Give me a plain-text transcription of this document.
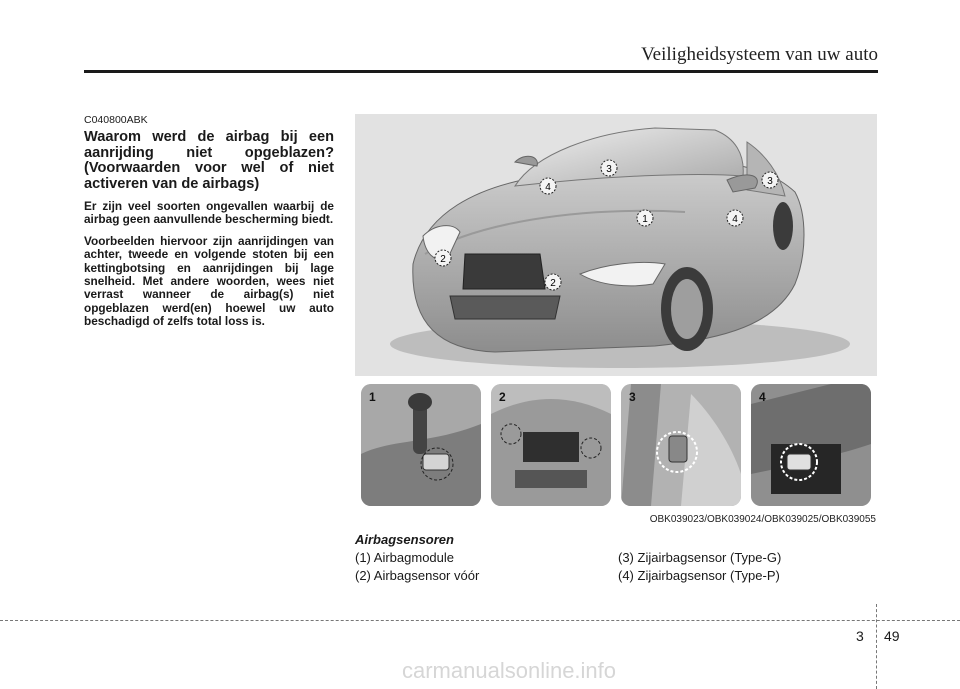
Veiligheidsysteem van uw auto

C040800ABK

Waarom werd de airbag bij een aanrijding niet opgeblazen? (Voorwaarden voor wel of niet activeren van de airbags)

Er zijn veel soorten ongevallen waarbij de airbag geen aanvullende bescherming biedt.

Voorbeelden hiervoor zijn aanrijdingen van achter, tweede en volgende stoten bij een kettingbotsing en aanrijdingen bij lage snelheid. Met andere woorden, wees niet verrast wanneer de airbag(s) niet opgeblazen werd(en) hoewel uw auto beschadigd of zelfs total loss is.

3
4
3
1	4
2
2
1	2	3	4
OBK039023/OBK039024/OBK039025/OBK039055
Airbagsensoren
(1) Airbagmodule
(2) Airbagsensor vóór
(3) Zijairbagsensor (Type-G)
(4) Zijairbagsensor (Type-P)
3 49
carmanualsonline.info
